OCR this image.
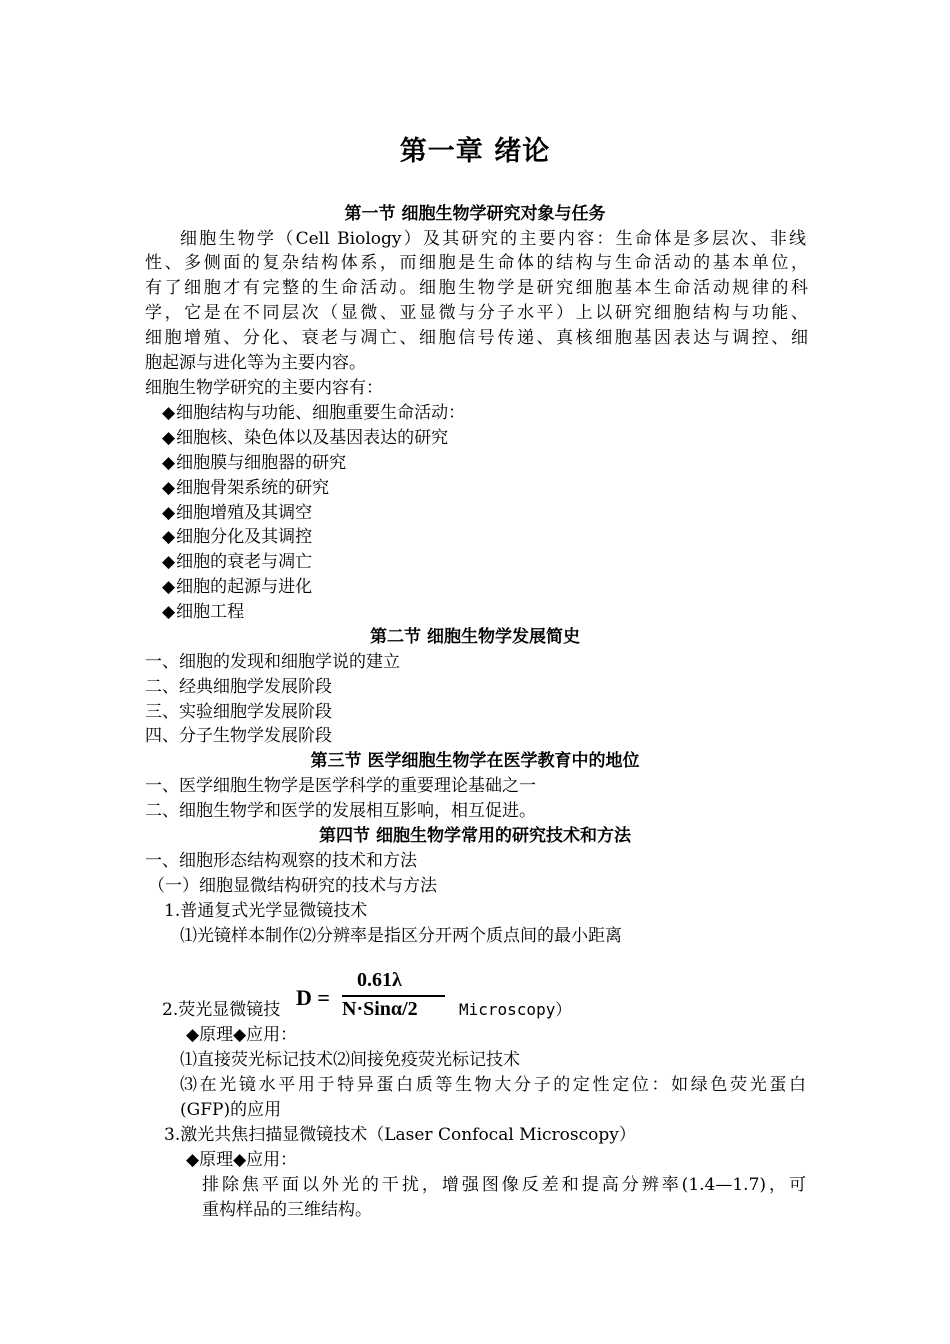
第一章 绪论
第一节 细胞生物学研究对象与任务
细胞生物学（Cell Biology）及其研究的主要内容：生命体是多层次、非线
性、多侧面的复杂结构体系，而细胞是生命体的结构与生命活动的基本单位，
有了细胞才有完整的生命活动。细胞生物学是研究细胞基本生命活动规律的科
学，它是在不同层次（显微、亚显微与分子水平）上以研究细胞结构与功能、
细胞增殖、分化、衰老与凋亡、细胞信号传递、真核细胞基因表达与调控、细
胞起源与进化等为主要内容。
细胞生物学研究的主要内容有：
◆细胞结构与功能、细胞重要生命活动：
◆细胞核、染色体以及基因表达的研究
◆细胞膜与细胞器的研究
◆细胞骨架系统的研究
◆细胞增殖及其调空
◆细胞分化及其调控
◆细胞的衰老与凋亡
◆细胞的起源与进化
◆细胞工程
第二节 细胞生物学发展简史
一、细胞的发现和细胞学说的建立
二、经典细胞学发展阶段
三、实验细胞学发展阶段
四、分子生物学发展阶段
第三节 医学细胞生物学在医学教育中的地位
一、医学细胞生物学是医学科学的重要理论基础之一
二、细胞生物学和医学的发展相互影响，相互促进。
第四节 细胞生物学常用的研究技术和方法
一、细胞形态结构观察的技术和方法
（一）细胞显微结构研究的技术与方法
1.普通复式光学显微镜技术
⑴光镜样本制作⑵分辨率是指区分开两个质点间的最小距离
2.荧光显微镜技	Microscopy）
D =
0.61λ
N·Sinα/2
◆原理◆应用：
⑴直接荧光标记技术⑵间接免疫荧光标记技术
⑶在光镜水平用于特异蛋白质等生物大分子的定性定位：如绿色荧光蛋白
(GFP)的应用
3.激光共焦扫描显微镜技术（Laser Confocal Microscopy）
◆原理◆应用：
排除焦平面以外光的干扰，增强图像反差和提高分辨率(1.4—1.7)，可
重构样品的三维结构。
